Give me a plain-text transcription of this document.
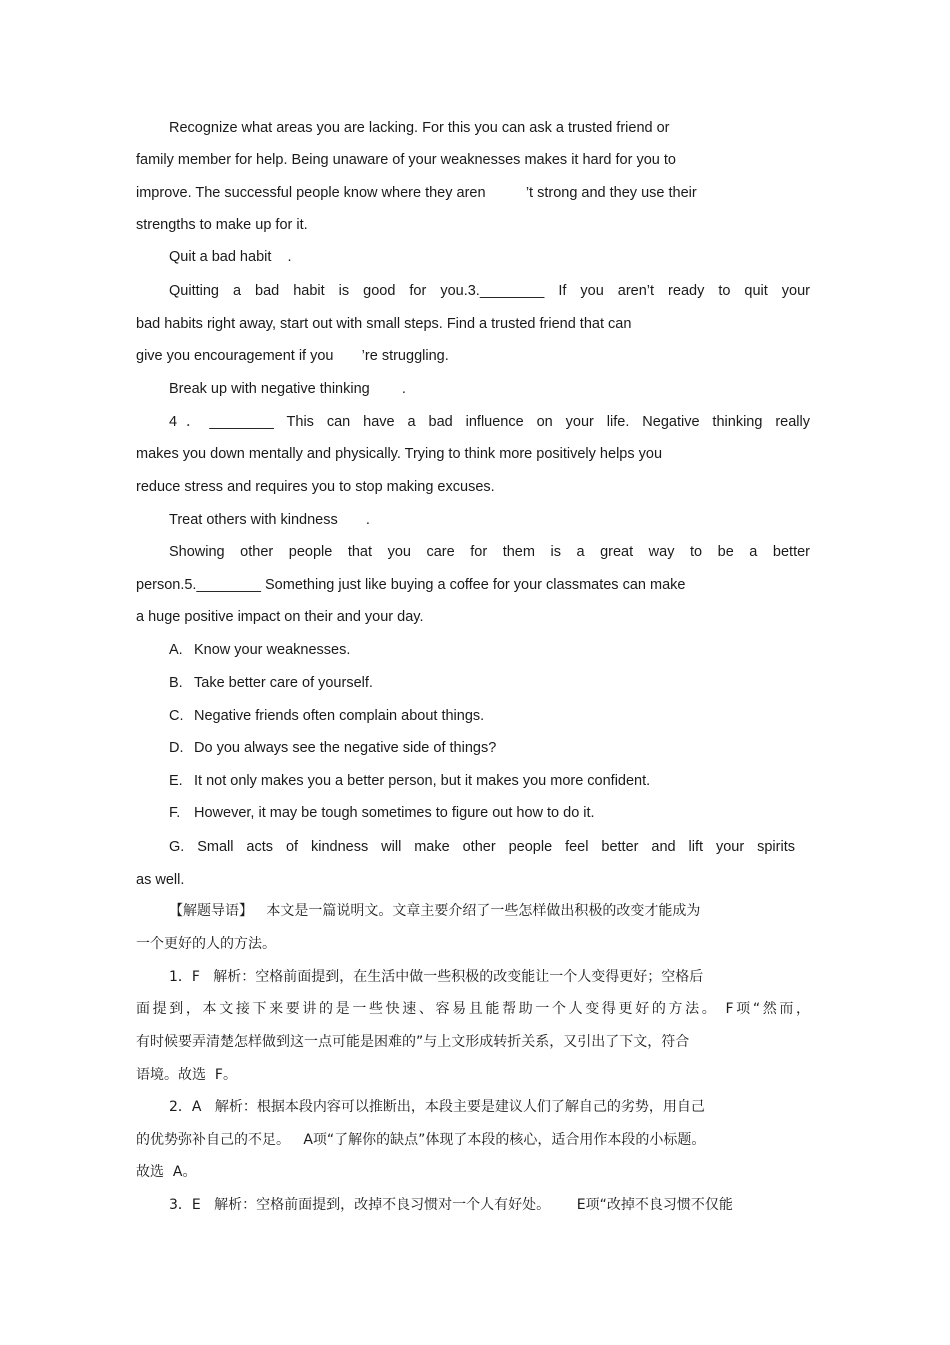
Recognize what areas you are lacking. For this you can ask a trusted friend or
family member for help. Being unaware of your weaknesses makes it hard for you to
improve. The successful people know where they aren          ’t strong and they use their
strengths to make up for it.
Quit a bad habit    .
Quitting a bad habit is good for you.3.________ If you aren’t ready to quit your
bad habits right away, start out with small steps. Find a trusted friend that can
give you encouragement if you       ’re struggling.
Break up with negative thinking        .
4．________ This can have a bad influence on your life. Negative thinking really
makes you down mentally and physically. Trying to think more positively helps you
reduce stress and requires you to stop making excuses.
Treat others with kindness       .
Showing other people that you care for them is a great way to be a better
person.5.________ Something just like buying a coffee for your classmates can make
a huge positive impact on their and your day.
A. Know your weaknesses.
B. Take better care of yourself.
C. Negative friends often complain about things.
D. Do you always see the negative side of things?
E. It not only makes you a better person, but it makes you more confident.
F. However, it may be tough sometimes to figure out how to do it.
G. Small acts of kindness will make other people feel better and lift your spirits
as well.
【解题导语】   本文是一篇说明文。文章主要介绍了一些怎样做出积极的改变才能成为
一个更好的人的方法。
1．F   解析：空格前面提到，在生活中做一些积极的改变能让一个人变得更好；空格后
面提到，本文接下来要讲的是一些快速、容易且能帮助一个人变得更好的方法。 F项“然而，
有时候要弄清楚怎样做到这一点可能是困难的”与上文形成转折关系，又引出了下文，符合
语境。故选  F。
2．A   解析：根据本段内容可以推断出，本段主要是建议人们了解自己的劣势，用自己
的优势弥补自己的不足。   A项“了解你的缺点”体现了本段的核心，适合用作本段的小标题。
故选  A。
3．E   解析：空格前面提到，改掉不良习惯对一个人有好处。      E项“改掉不良习惯不仅能
